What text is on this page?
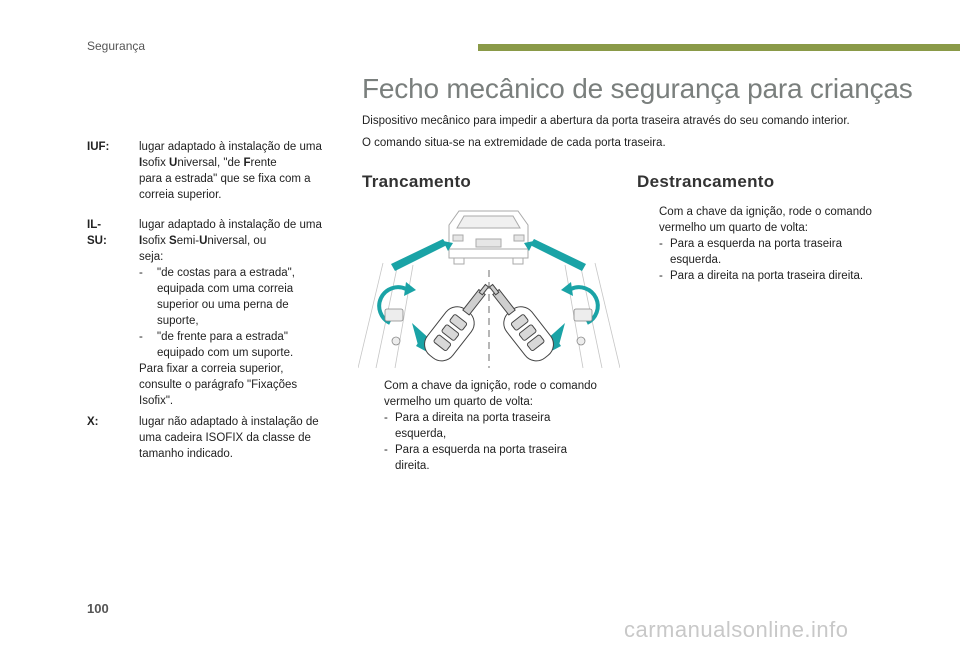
Segurança
IUF:	lugar adaptado à instalação de uma

Isofix Universal, "de Frente

para a estrada" que se fixa com a

correia superior.

IL-SU:

lugar adaptado à instalação de uma

Isofix Semi-Universal, ou

seja:

- "de costas para a estrada",

equipada com uma correia

superior ou uma perna de

suporte,

- "de frente para a estrada"

equipado com um suporte.

Para fixar a correia superior,

consulte o parágrafo "Fixações

Isofix".

X:	lugar não adaptado à instalação de

uma cadeira ISOFIX da classe de

tamanho indicado.

Fecho mecânico de segurança para crianças

Dispositivo mecânico para impedir a abertura da porta traseira através do seu comando interior.

O comando situa-se na extremidade de cada porta traseira.

Trancamento

Com a chave da ignição, rode o comando

vermelho um quarto de volta:

- Para a direita na porta traseira

esquerda,

- Para a esquerda na porta traseira

direita.

Destrancamento

Com a chave da ignição, rode o comando

vermelho um quarto de volta:

- Para a esquerda na porta traseira

esquerda.

- Para a direita na porta traseira direita.

100
carmanualsonline.info
